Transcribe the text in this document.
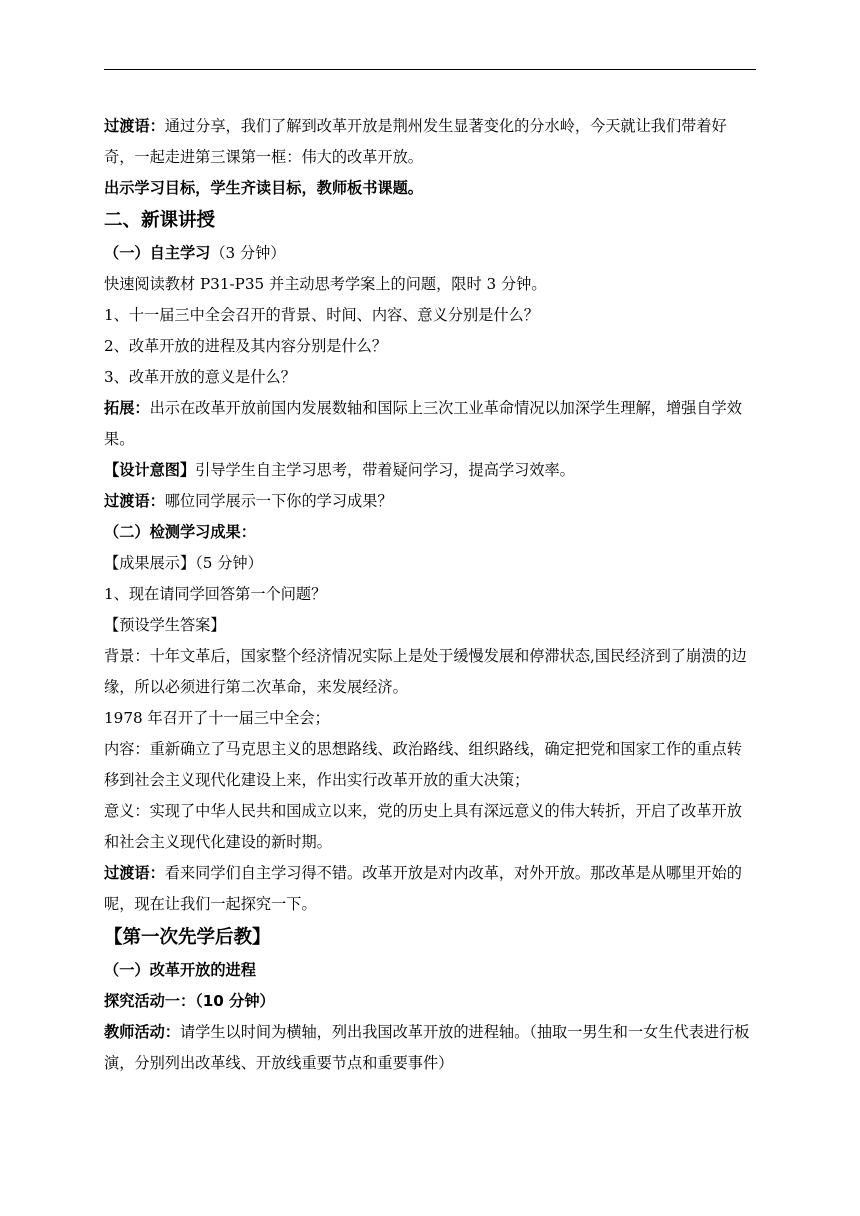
过渡语：通过分享，我们了解到改革开放是荆州发生显著变化的分水岭，今天就让我们带着好奇，一起走进第三课第一框：伟大的改革开放。

出示学习目标，学生齐读目标，教师板书课题。

二、新课讲授

（一）自主学习（3 分钟）

快速阅读教材 P31-P35 并主动思考学案上的问题，限时 3 分钟。

1、十一届三中全会召开的背景、时间、内容、意义分别是什么？

2、改革开放的进程及其内容分别是什么？

3、改革开放的意义是什么？

拓展：出示在改革开放前国内发展数轴和国际上三次工业革命情况以加深学生理解，增强自学效果。

【设计意图】引导学生自主学习思考，带着疑问学习，提高学习效率。

过渡语：哪位同学展示一下你的学习成果？

（二）检测学习成果：

【成果展示】（5 分钟）

1、现在请同学回答第一个问题？

【预设学生答案】

背景：十年文革后，国家整个经济情况实际上是处于缓慢发展和停滞状态,国民经济到了崩溃的边缘，所以必须进行第二次革命，来发展经济。

1978 年召开了十一届三中全会；

内容：重新确立了马克思主义的思想路线、政治路线、组织路线，确定把党和国家工作的重点转移到社会主义现代化建设上来，作出实行改革开放的重大决策；

意义：实现了中华人民共和国成立以来，党的历史上具有深远意义的伟大转折，开启了改革开放和社会主义现代化建设的新时期。

过渡语：看来同学们自主学习得不错。改革开放是对内改革，对外开放。那改革是从哪里开始的呢，现在让我们一起探究一下。

【第一次先学后教】

（一）改革开放的进程

探究活动一：（10 分钟）

教师活动：请学生以时间为横轴，列出我国改革开放的进程轴。（抽取一男生和一女生代表进行板演，分别列出改革线、开放线重要节点和重要事件）
